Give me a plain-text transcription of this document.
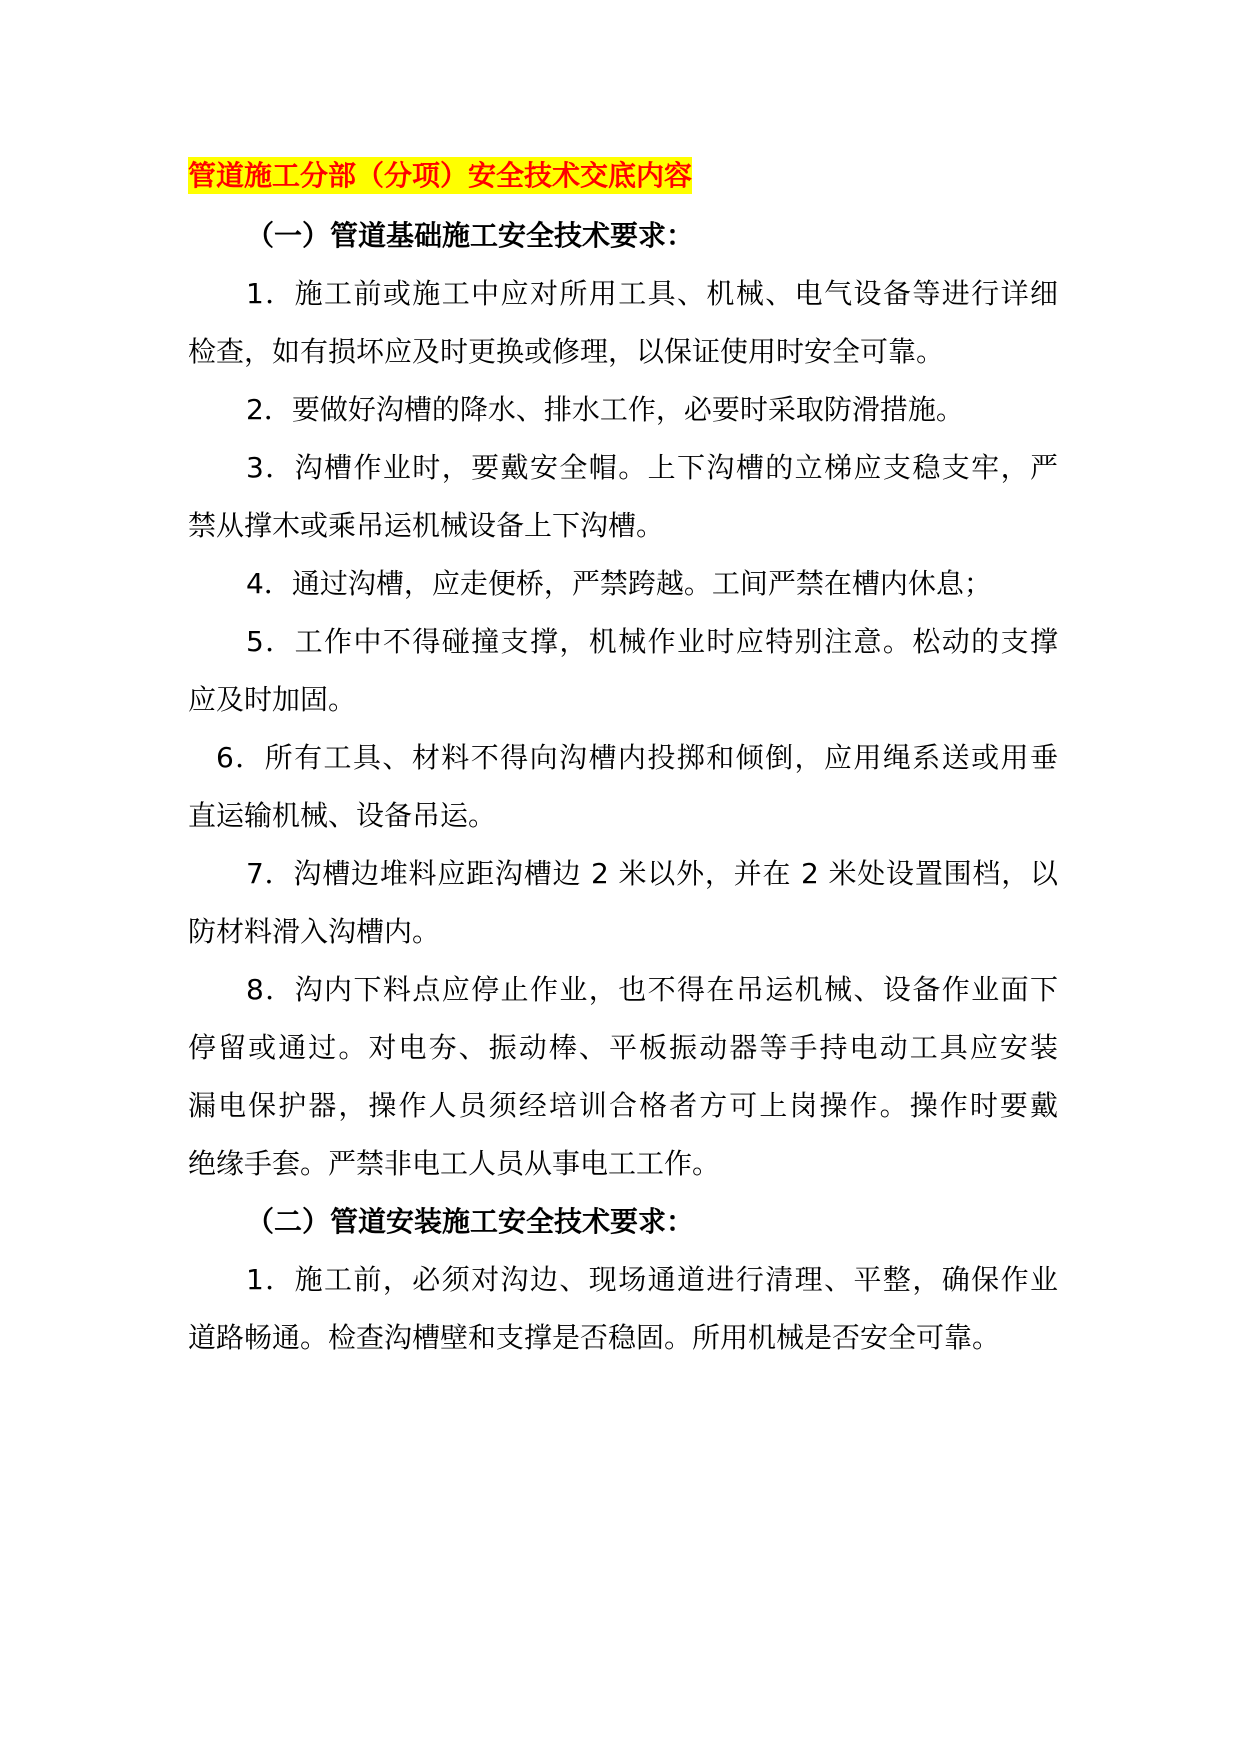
管道施工分部（分项）安全技术交底内容

（一）管道基础施工安全技术要求：

1．施工前或施工中应对所用工具、机械、电气设备等进行详细

检查，如有损坏应及时更换或修理，以保证使用时安全可靠。

2．要做好沟槽的降水、排水工作，必要时采取防滑措施。

3．沟槽作业时，要戴安全帽。上下沟槽的立梯应支稳支牢，严

禁从撑木或乘吊运机械设备上下沟槽。

4．通过沟槽，应走便桥，严禁跨越。工间严禁在槽内休息；

5．工作中不得碰撞支撑，机械作业时应特别注意。松动的支撑

应及时加固。

6．所有工具、材料不得向沟槽内投掷和倾倒，应用绳系送或用垂

直运输机械、设备吊运。

7．沟槽边堆料应距沟槽边 2 米以外，并在 2 米处设置围档，以

防材料滑入沟槽内。

8．沟内下料点应停止作业，也不得在吊运机械、设备作业面下

停留或通过。对电夯、振动棒、平板振动器等手持电动工具应安装

漏电保护器，操作人员须经培训合格者方可上岗操作。操作时要戴

绝缘手套。严禁非电工人员从事电工工作。

（二）管道安装施工安全技术要求：

1．施工前，必须对沟边、现场通道进行清理、平整，确保作业

道路畅通。检查沟槽壁和支撑是否稳固。所用机械是否安全可靠。
